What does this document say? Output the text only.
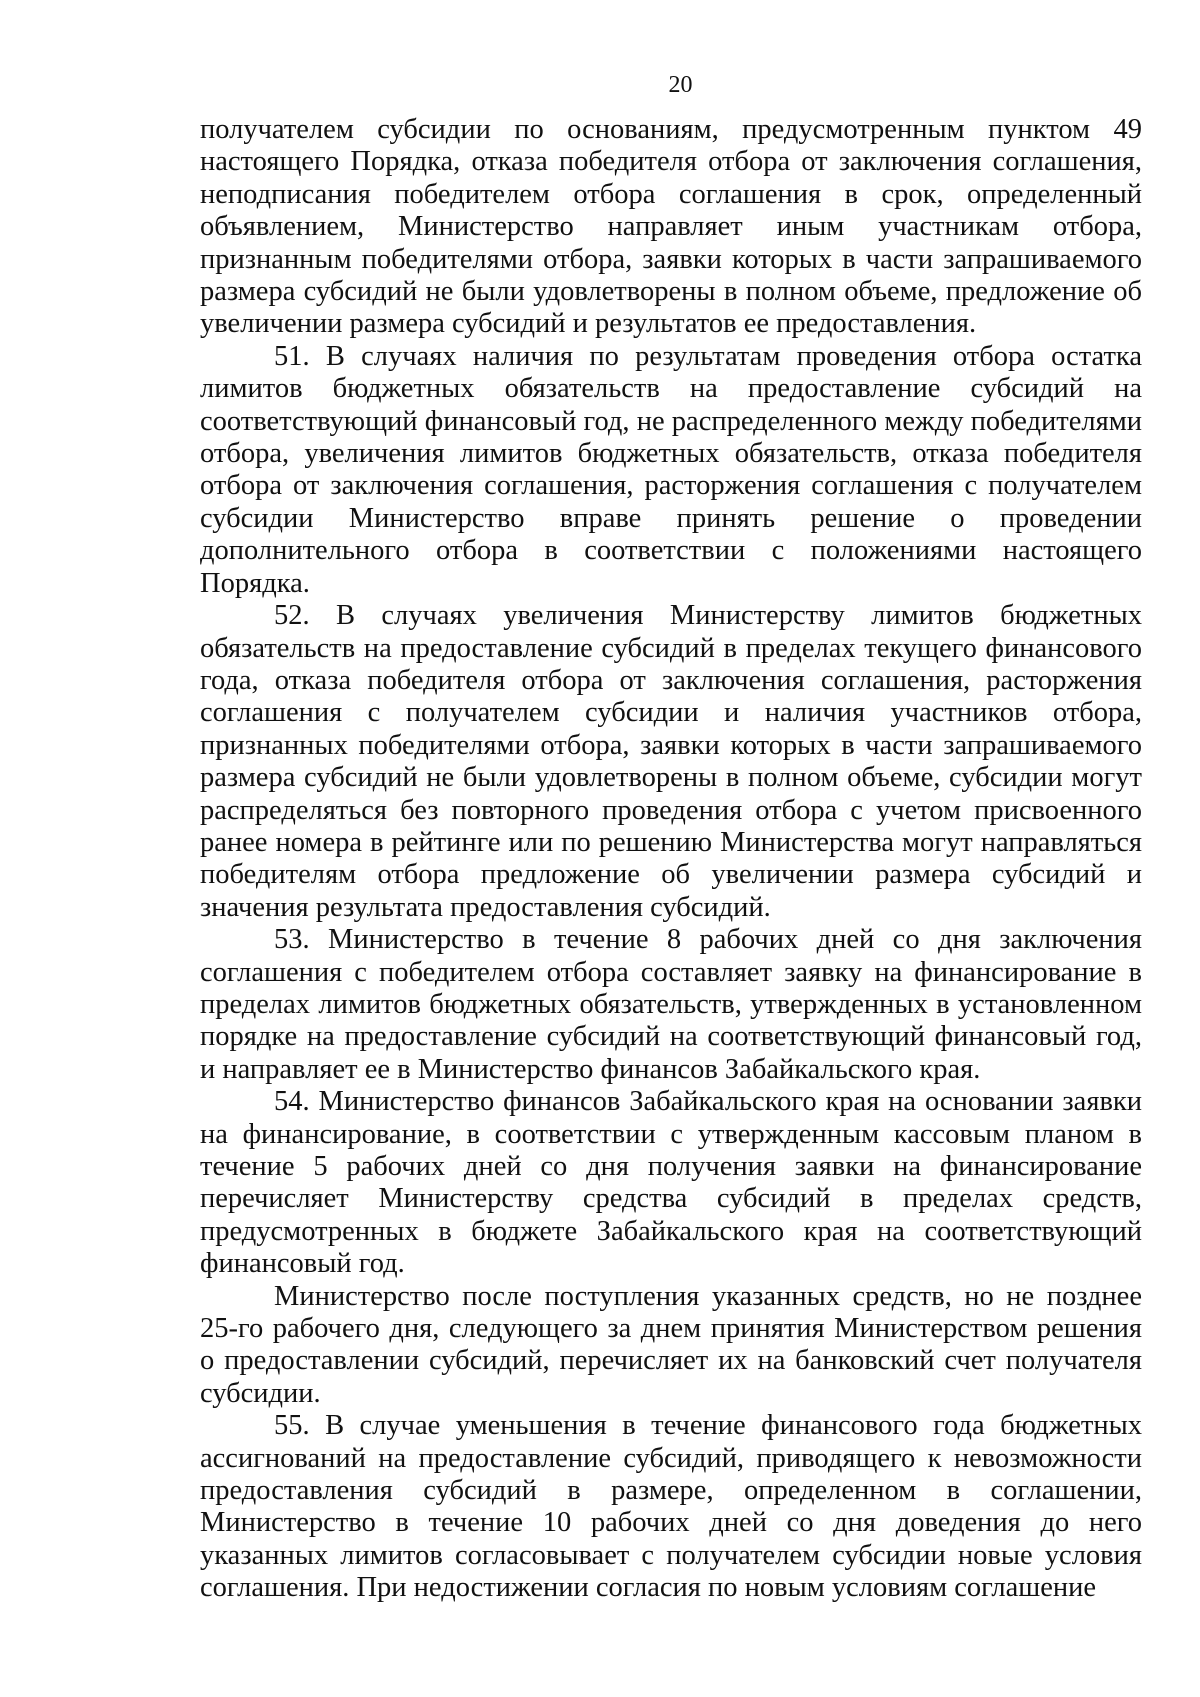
20

получателем субсидии по основаниям, предусмотренным пунктом 49 настоящего Порядка, отказа победителя отбора от заключения соглашения, неподписания победителем отбора соглашения в срок, определенный объявлением, Министерство направляет иным участникам отбора, признанным победителями отбора, заявки которых в части запрашиваемого размера субсидий не были удовлетворены в полном объеме, предложение об увеличении размера субсидий и результатов ее предоставления.

51. В случаях наличия по результатам проведения отбора остатка лимитов бюджетных обязательств на предоставление субсидий на соответствующий финансовый год, не распределенного между победителями отбора, увеличения лимитов бюджетных обязательств, отказа победителя отбора от заключения соглашения, расторжения соглашения с получателем субсидии Министерство вправе принять решение о проведении дополнительного отбора в соответствии с положениями настоящего Порядка.

52. В случаях увеличения Министерству лимитов бюджетных обязательств на предоставление субсидий в пределах текущего финансового года, отказа победителя отбора от заключения соглашения, расторжения соглашения с получателем субсидии и наличия участников отбора, признанных победителями отбора, заявки которых в части запрашиваемого размера субсидий не были удовлетворены в полном объеме, субсидии могут распределяться без повторного проведения отбора с учетом присвоенного ранее номера в рейтинге или по решению Министерства могут направляться победителям отбора предложение об увеличении размера субсидий и значения результата предоставления субсидий.

53. Министерство в течение 8 рабочих дней со дня заключения соглашения с победителем отбора составляет заявку на финансирование в пределах лимитов бюджетных обязательств, утвержденных в установленном порядке на предоставление субсидий на соответствующий финансовый год, и направляет ее в Министерство финансов Забайкальского края.

54. Министерство финансов Забайкальского края на основании заявки на финансирование, в соответствии с утвержденным кассовым планом в течение 5 рабочих дней со дня получения заявки на финансирование перечисляет Министерству средства субсидий в пределах средств, предусмотренных в бюджете Забайкальского края на соответствующий финансовый год.

Министерство после поступления указанных средств, но не позднее 25-го рабочего дня, следующего за днем принятия Министерством решения о предоставлении субсидий, перечисляет их на банковский счет получателя субсидии.

55. В случае уменьшения в течение финансового года бюджетных ассигнований на предоставление субсидий, приводящего к невозможности предоставления субсидий в размере, определенном в соглашении, Министерство в течение 10 рабочих дней со дня доведения до него указанных лимитов согласовывает с получателем субсидии новые условия соглашения. При недостижении согласия по новым условиям соглашение
